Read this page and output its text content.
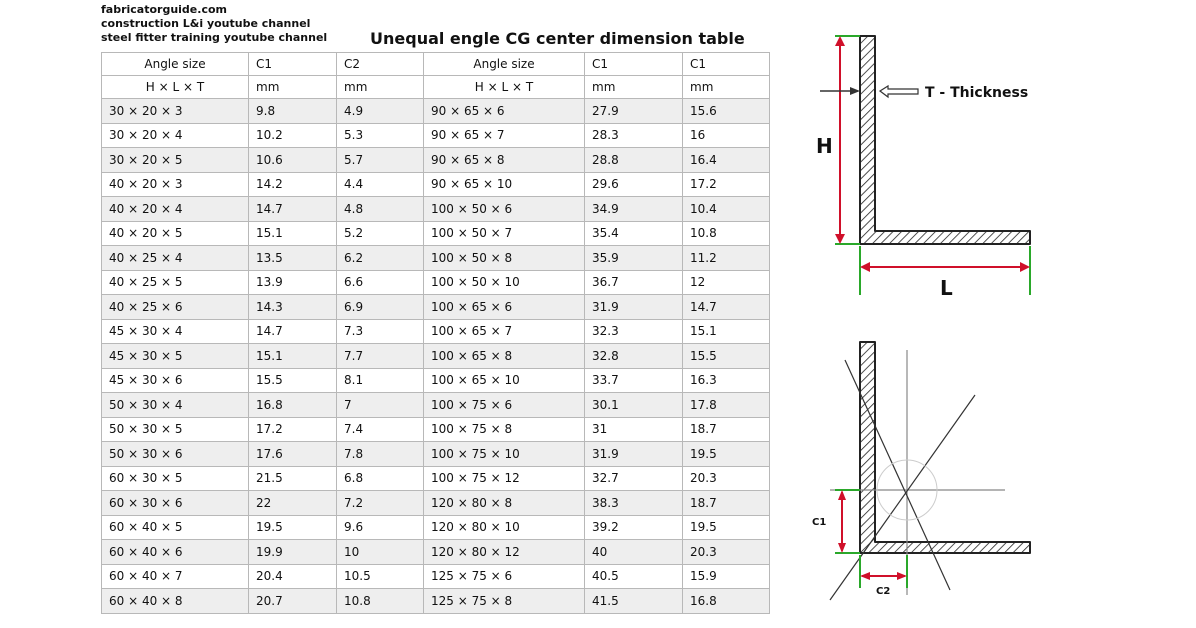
fabricatorguide.com
construction L&i youtube channel
steel fitter training youtube channel	Unequal engle CG center dimension table
Angle size	C1	C2	Angle size	C1	C1
H × L × T	mm	mm	H × L × T	mm	mm
30 × 20 × 3	9.8	4.9	90 × 65 × 6	27.9	15.6
30 × 20 × 4	10.2	5.3	90 × 65 × 7	28.3	16
30 × 20 × 5	10.6	5.7	90 × 65 × 8	28.8	16.4
40 × 20 × 3	14.2	4.4	90 × 65 × 10	29.6	17.2
40 × 20 × 4	14.7	4.8	100 × 50 × 6	34.9	10.4
40 × 20 × 5	15.1	5.2	100 × 50 × 7	35.4	10.8
40 × 25 × 4	13.5	6.2	100 × 50 × 8	35.9	11.2
40 × 25 × 5	13.9	6.6	100 × 50 × 10	36.7	12
40 × 25 × 6	14.3	6.9	100 × 65 × 6	31.9	14.7
45 × 30 × 4	14.7	7.3	100 × 65 × 7	32.3	15.1
45 × 30 × 5	15.1	7.7	100 × 65 × 8	32.8	15.5
45 × 30 × 6	15.5	8.1	100 × 65 × 10	33.7	16.3
50 × 30 × 4	16.8	7	100 × 75 × 6	30.1	17.8
50 × 30 × 5	17.2	7.4	100 × 75 × 8	31	18.7
50 × 30 × 6	17.6	7.8	100 × 75 × 10	31.9	19.5
60 × 30 × 5	21.5	6.8	100 × 75 × 12	32.7	20.3
60 × 30 × 6	22	7.2	120 × 80 × 8	38.3	18.7
60 × 40 × 5	19.5	9.6	120 × 80 × 10	39.2	19.5
60 × 40 × 6	19.9	10	120 × 80 × 12	40	20.3
60 × 40 × 7	20.4	10.5	125 × 75 × 6	40.5	15.9
60 × 40 × 8	20.7	10.8	125 × 75 × 8	41.5	16.8
T - Thickness
H
L
C1
C2
